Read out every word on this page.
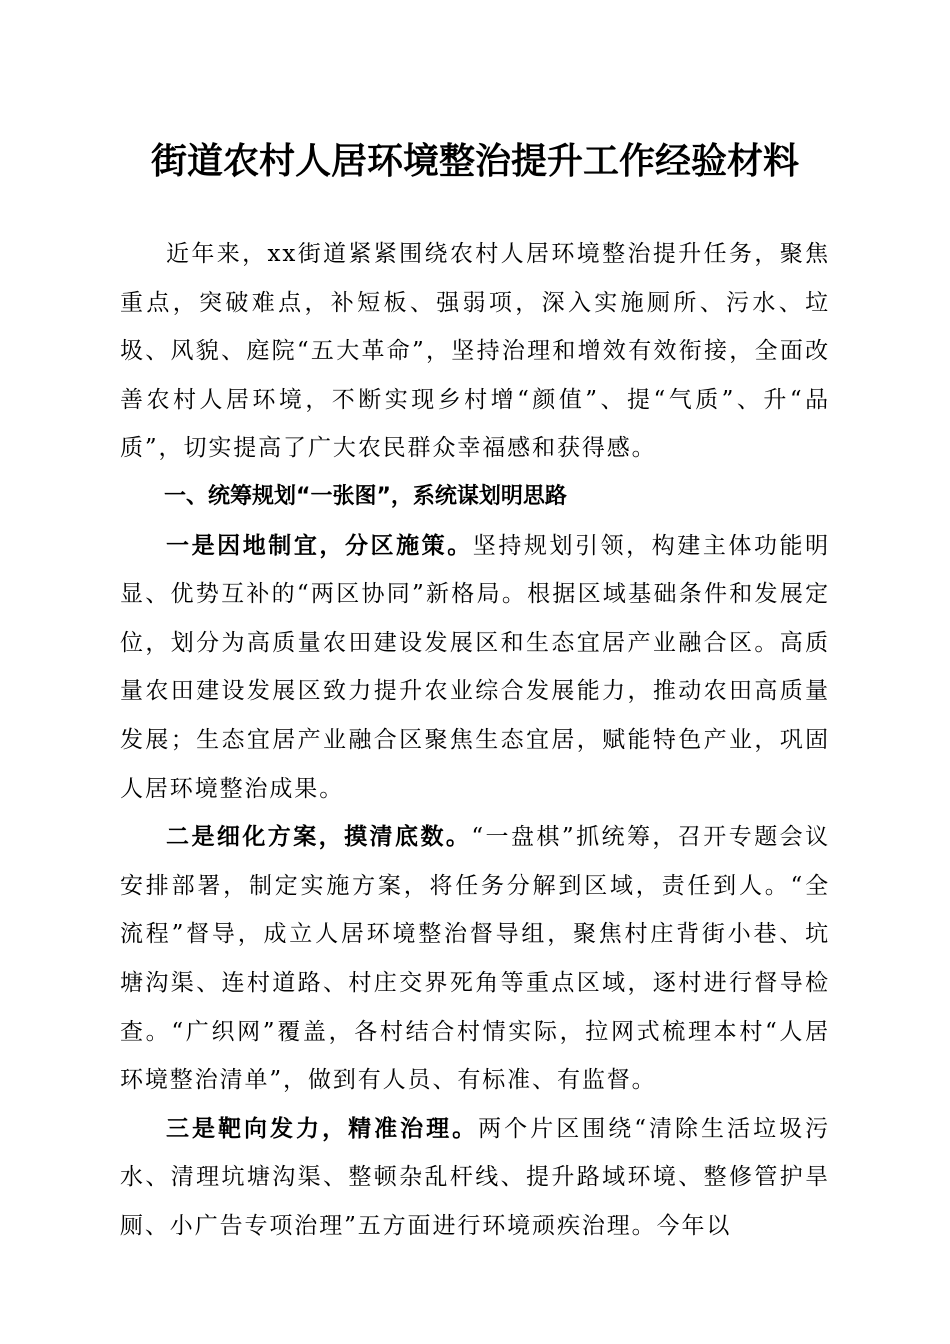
街道农村人居环境整治提升工作经验材料

近年来，xx街道紧紧围绕农村人居环境整治提升任务，聚焦重点，突破难点，补短板、强弱项，深入实施厕所、污水、垃圾、风貌、庭院“五大革命”，坚持治理和增效有效衔接，全面改善农村人居环境，不断实现乡村增“颜值”、提“气质”、升“品质”，切实提高了广大农民群众幸福感和获得感。

一、统筹规划“一张图”，系统谋划明思路

一是因地制宜，分区施策。坚持规划引领，构建主体功能明显、优势互补的“两区协同”新格局。根据区域基础条件和发展定位，划分为高质量农田建设发展区和生态宜居产业融合区。高质量农田建设发展区致力提升农业综合发展能力，推动农田高质量发展；生态宜居产业融合区聚焦生态宜居，赋能特色产业，巩固人居环境整治成果。

二是细化方案，摸清底数。“一盘棋”抓统筹，召开专题会议安排部署，制定实施方案，将任务分解到区域，责任到人。“全流程”督导，成立人居环境整治督导组，聚焦村庄背街小巷、坑塘沟渠、连村道路、村庄交界死角等重点区域，逐村进行督导检查。“广织网”覆盖，各村结合村情实际，拉网式梳理本村“人居环境整治清单”，做到有人员、有标准、有监督。

三是靶向发力，精准治理。两个片区围绕“清除生活垃圾污水、清理坑塘沟渠、整顿杂乱杆线、提升路域环境、整修管护旱厕、小广告专项治理”五方面进行环境顽疾治理。今年以
